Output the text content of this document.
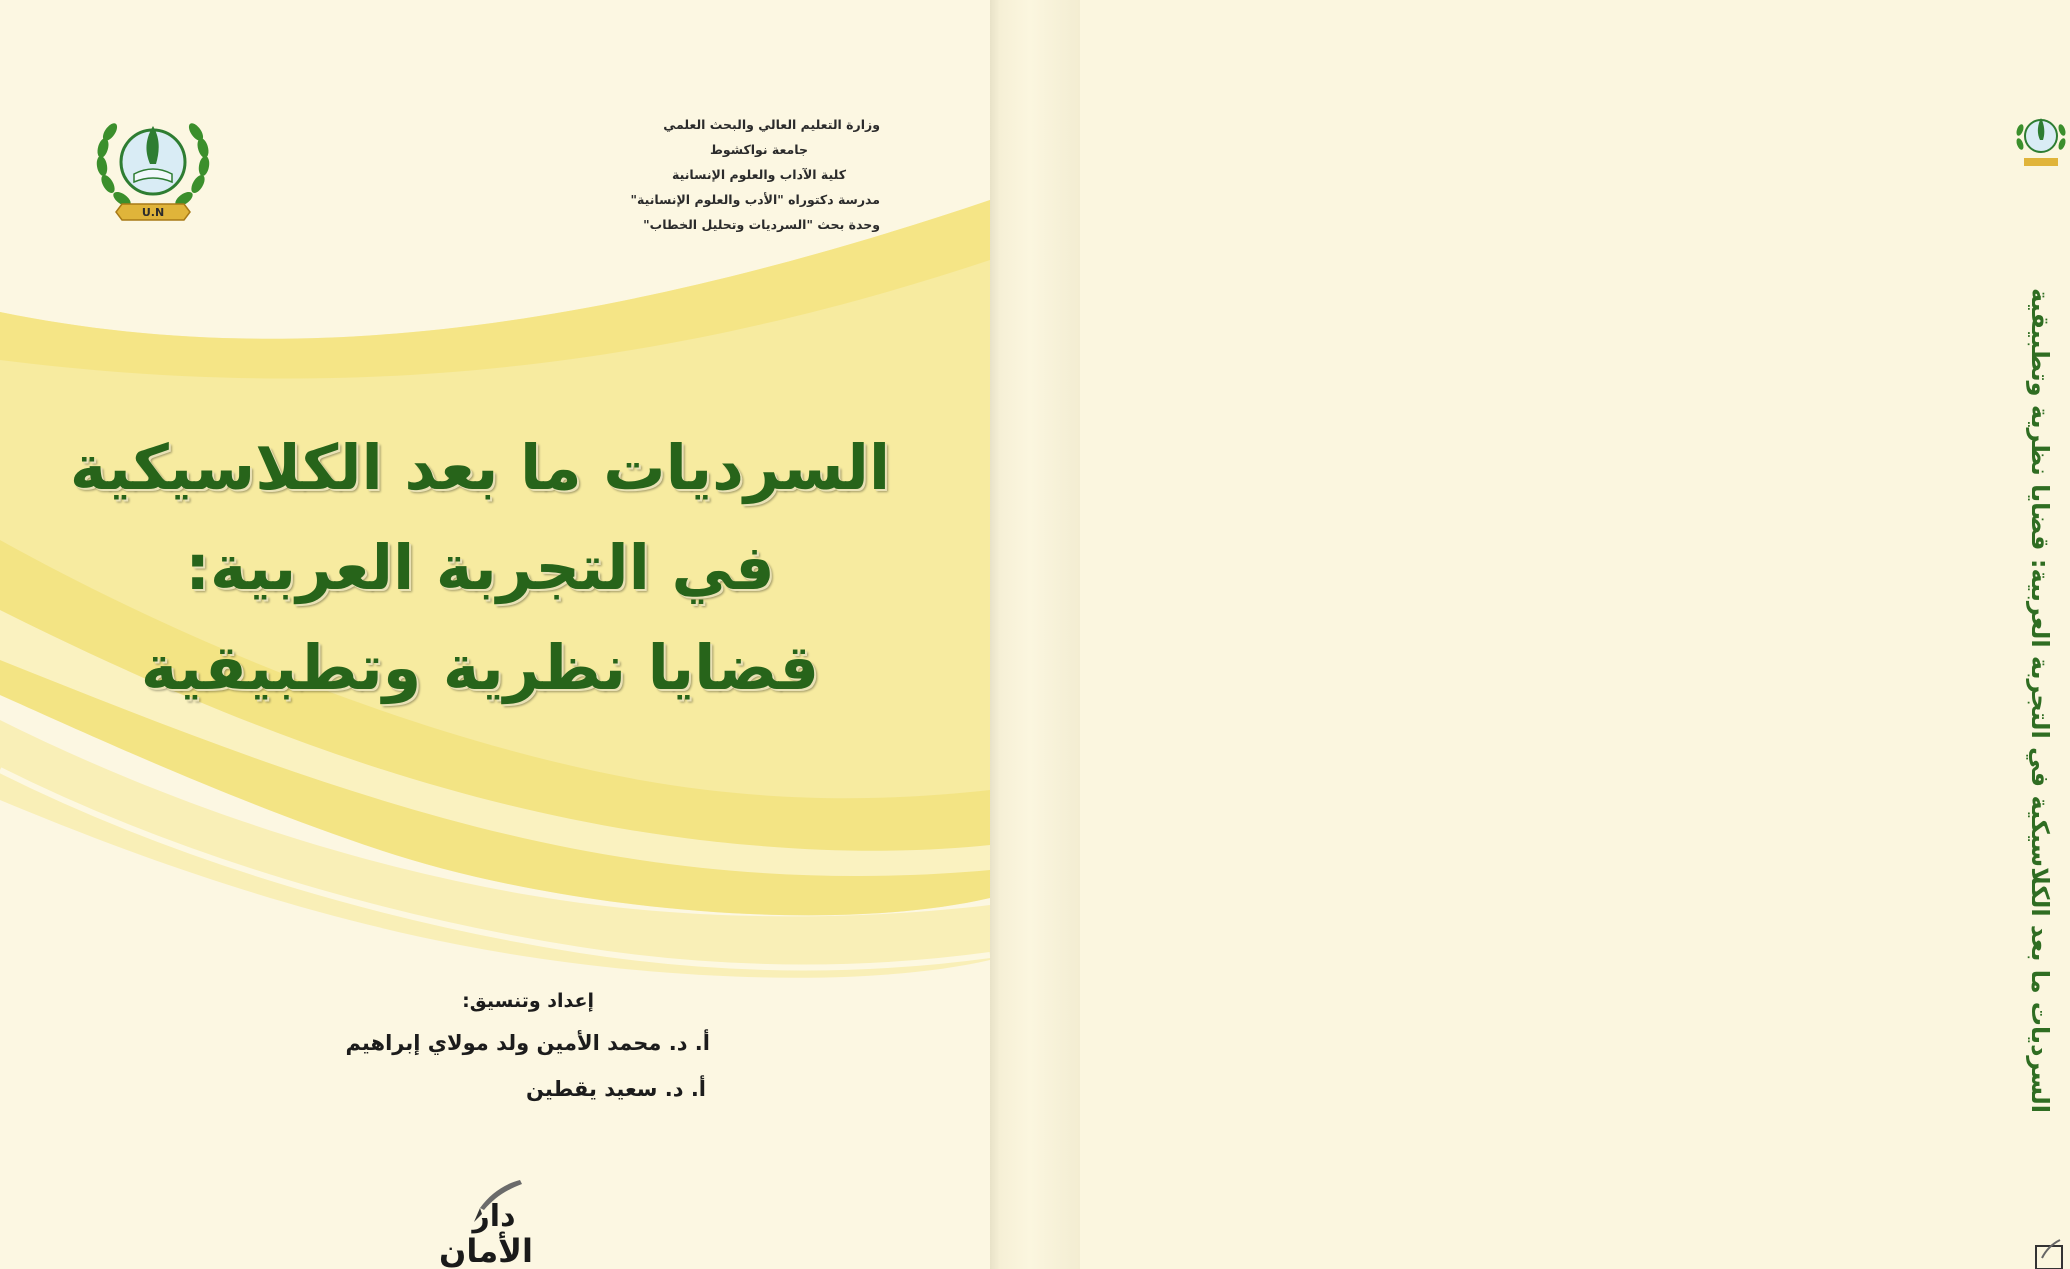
U.N
وزارة التعليم العالي والبحث العلمي
جامعة نواكشوط
كلية الآداب والعلوم الإنسانية
مدرسة دكتوراه "الأدب والعلوم الإنسانية"
وحدة بحث "السرديات وتحليل الخطاب"
السرديات ما بعد الكلاسيكية
في التجربة العربية:
قضايا نظرية وتطبيقية
إعداد وتنسيق:
أ. د. محمد الأمين ولد مولاي إبراهيم
أ. د. سعيد يقطين
دار
الأمان
السرديات ما بعد الكلاسيكية في التجربة العربية: قضايا نظرية وتطبيقية
